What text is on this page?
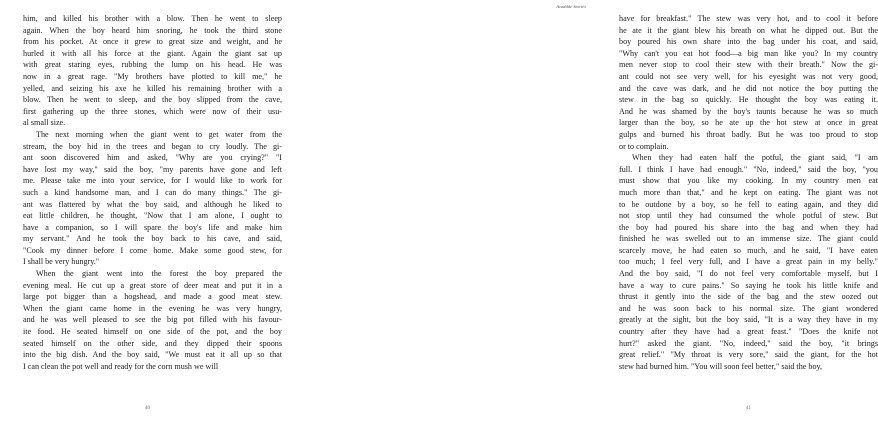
him, and killed his brother with a blow. Then he went to sleep
again. When the boy heard him snoring, he took the third stone
from his pocket. At once it grew to great size and weight, and he
hurled it with all his force at the giant. Again the giant sat up
with great staring eyes, rubbing the lump on his head. He was
now in a great rage. "My brothers have plotted to kill me," he
yelled, and seizing his axe he killed his remaining brother with a
blow. Then he went to sleep, and the boy slipped from the cave,
first gathering up the three stones, which were now of their usu-
al small size.
The next morning when the giant went to get water from the
stream, the boy hid in the trees and began to cry loudly. The gi-
ant soon discovered him and asked, "Why are you crying?" "I
have lost my way," said the boy, "my parents have gone and left
me. Please take me into your service, for I would like to work for
such a kind handsome man, and I can do many things." The gi-
ant was flattered by what the boy said, and although he liked to
eat little children, he thought, "Now that I am alone, I ought to
have a companion, so I will spare the boy's life and make him
my servant." And he took the boy back to his cave, and said,
"Cook my dinner before I come home. Make some good stew, for
I shall be very hungry."
When the giant went into the forest the boy prepared the
evening meal. He cut up a great store of deer meat and put it in a
large pot bigger than a hogshead, and made a good meat stew.
When the giant came home in the evening he was very hungry,
and he was well pleased to see the big pot filled with his favour-
ite food. He seated himself on one side of the pot, and the boy
seated himself on the other side, and they dipped their spoons
into the big dish. And the boy said, "We must eat it all up so that
I can clean the pot well and ready for the corn mush we will
40
Avaddde Stories
have for breakfast." The stew was very hot, and to cool it before
he ate it the giant blew his breath on what he dipped out. But the
boy poured his own share into the bag under his coat, and said,
"Why can't you eat hot food—a big man like you? In my country
men never stop to cool their stew with their breath." Now the gi-
ant could not see very well, for his eyesight was not very good,
and the cave was dark, and he did not notice the boy putting the
stew in the bag so quickly. He thought the boy was eating it.
And he was shamed by the boy's taunts because he was so much
larger than the boy, so he ate up the hot stew at once in great
gulps and burned his throat badly. But he was too proud to stop
or to complain.
When they had eaten half the potful, the giant said, "I am
full. I think I have had enough." "No, indeed," said the boy, "you
must show that you like my cooking. In my country men eat
much more than that," and he kept on eating. The giant was not
to be outdone by a boy, so he fell to eating again, and they did
not stop until they had consumed the whole potful of stew. But
the boy had poured his share into the bag and when they had
finished he was swelled out to an immense size. The giant could
scarcely move, he had eaten so much, and he said, "I have eaten
too much; I feel very full, and I have a great pain in my belly."
And the boy said, "I do not feel very comfortable myself, but I
have a way to cure pains." So saying he took his little knife and
thrust it gently into the side of the bag and the stew oozed out
and he was soon back to his normal size. The giant wondered
greatly at the sight, but the boy said, "It is a way they have in my
country after they have had a great feast." "Does the knife not
hurt?" asked the giant. "No, indeed," said the boy, "it brings
great relief." "My throat is very sore," said the giant, for the hot
stew had burned him. "You will soon feel better," said the boy,
41
